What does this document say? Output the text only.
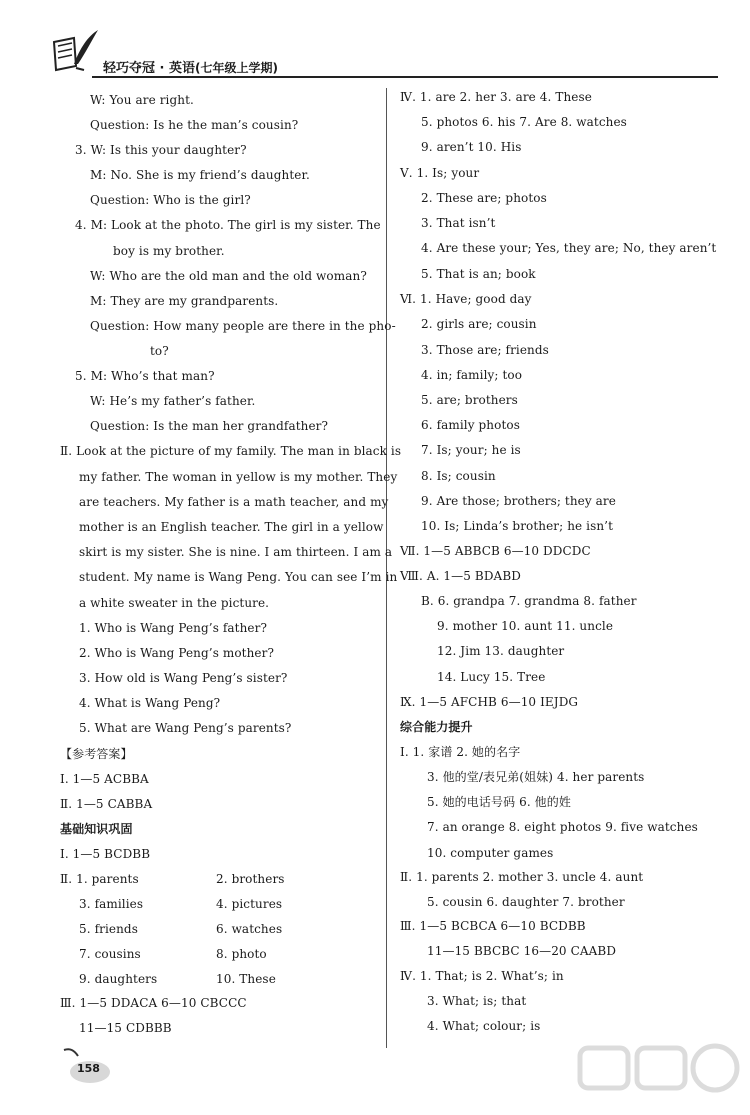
轻巧夺冠 · 英语(七年级上学期)
W: You are right.
Question: Is he the man’s cousin?
3. W: Is this your daughter?
M: No. She is my friend’s daughter.
Question: Who is the girl?
4. M: Look at the photo. The girl is my sister. The
boy is my brother.
W: Who are the old man and the old woman?
M: They are my grandparents.
Question: How many people are there in the pho-
to?
5. M: Who’s that man?
W: He’s my father’s father.
Question: Is the man her grandfather?
Ⅱ. Look at the picture of my family. The man in black is
my father. The woman in yellow is my mother. They
are teachers. My father is a math teacher, and my
mother is an English teacher. The girl in a yellow
skirt is my sister. She is nine. I am thirteen. I am a
student. My name is Wang Peng. You can see I’m in
a white sweater in the picture.
1. Who is Wang Peng’s father?
2. Who is Wang Peng’s mother?
3. How old is Wang Peng’s sister?
4. What is Wang Peng?
5. What are Wang Peng’s parents?
【参考答案】
Ⅰ. 1—5 ACBBA
Ⅱ. 1—5 CABBA
基础知识巩固
Ⅰ. 1—5 BCDBB
Ⅱ. 1. parents	2. brothers
3. families	4. pictures
5. friends	6. watches
7. cousins	8. photo
9. daughters	10. These
Ⅲ. 1—5 DDACA 6—10 CBCCC
11—15 CDBBB
Ⅳ. 1. are 2. her 3. are 4. These
5. photos 6. his 7. Are 8. watches
9. aren’t 10. His
Ⅴ. 1. Is; your
2. These are; photos
3. That isn’t
4. Are these your; Yes, they are; No, they aren’t
5. That is an; book
Ⅵ. 1. Have; good day
2. girls are; cousin
3. Those are; friends
4. in; family; too
5. are; brothers
6. family photos
7. Is; your; he is
8. Is; cousin
9. Are those; brothers; they are
10. Is; Linda’s brother; he isn’t
Ⅶ. 1—5 ABBCB 6—10 DDCDC
Ⅷ. A. 1—5 BDABD
B. 6. grandpa 7. grandma 8. father
9. mother 10. aunt 11. uncle
12. Jim 13. daughter
14. Lucy 15. Tree
Ⅸ. 1—5 AFCHB 6—10 IEJDG
综合能力提升
Ⅰ. 1. 家谱 2. 她的名字
3. 他的堂/表兄弟(姐妹) 4. her parents
5. 她的电话号码 6. 他的姓
7. an orange 8. eight photos 9. five watches
10. computer games
Ⅱ. 1. parents 2. mother 3. uncle 4. aunt
5. cousin 6. daughter 7. brother
Ⅲ. 1—5 BCBCA 6—10 BCDBB
11—15 BBCBC 16—20 CAABD
Ⅳ. 1. That; is 2. What’s; in
3. What; is; that
4. What; colour; is
158
